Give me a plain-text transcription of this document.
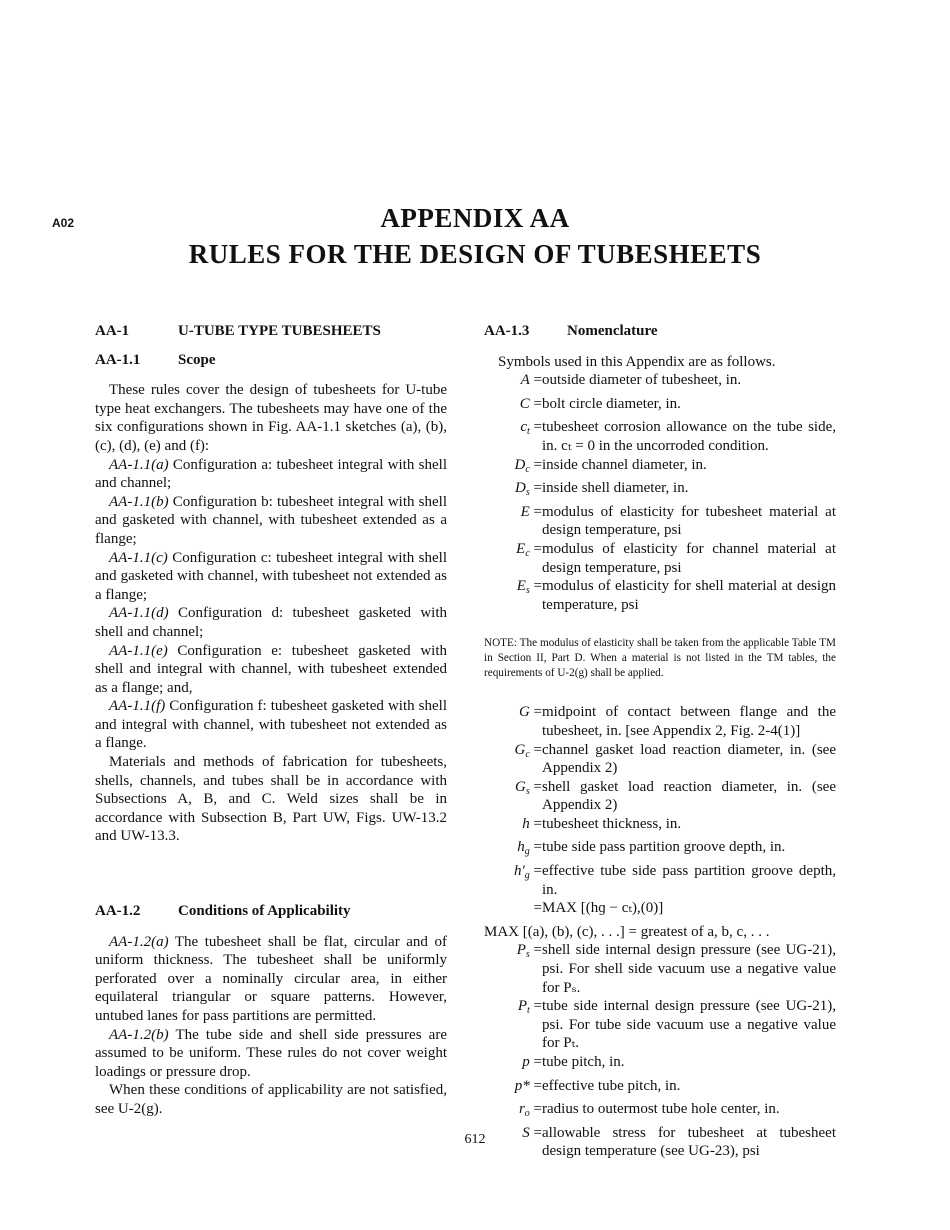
A02	APPENDIX AA
RULES FOR THE DESIGN OF TUBESHEETS
AA-1	U-TUBE TYPE TUBESHEETS
AA-1.1	Scope

These rules cover the design of tubesheets for U-tube type heat exchangers. The tubesheets may have one of the six configurations shown in Fig. AA-1.1 sketches (a), (b), (c), (d), (e) and (f):

AA-1.1(a) Configuration a: tubesheet integral with shell and channel;

AA-1.1(b) Configuration b: tubesheet integral with shell and gasketed with channel, with tubesheet extended as a flange;

AA-1.1(c) Configuration c: tubesheet integral with shell and gasketed with channel, with tubesheet not extended as a flange;

AA-1.1(d) Configuration d: tubesheet gasketed with shell and channel;

AA-1.1(e) Configuration e: tubesheet gasketed with shell and integral with channel, with tubesheet extended as a flange; and,

AA-1.1(f) Configuration f: tubesheet gasketed with shell and integral with channel, with tubesheet not extended as a flange.

Materials and methods of fabrication for tubesheets, shells, channels, and tubes shall be in accordance with Subsections A, B, and C. Weld sizes shall be in accordance with Subsection B, Part UW, Figs. UW-13.2 and UW-13.3.

AA-1.2	Conditions of Applicability

AA-1.2(a) The tubesheet shall be flat, circular and of uniform thickness. The tubesheet shall be uniformly perforated over a nominally circular area, in either equilateral triangular or square patterns. However, untubed lanes for pass partitions are permitted.

AA-1.2(b) The tube side and shell side pressures are assumed to be uniform. These rules do not cover weight loadings or pressure drop.

When these conditions of applicability are not satisfied, see U-2(g).

AA-1.3	Nomenclature

Symbols used in this Appendix are as follows.

A = outside diameter of tubesheet, in.
C = bolt circle diameter, in.
$c_t$ = tubesheet corrosion allowance on the tube side, in. cₜ = 0 in the uncorroded condition.
$D_c$ = inside channel diameter, in.
$D_s$ = inside shell diameter, in.
E = modulus of elasticity for tubesheet material at design temperature, psi
$E_c$ = modulus of elasticity for channel material at design temperature, psi
$E_s$ = modulus of elasticity for shell material at design temperature, psi

NOTE: The modulus of elasticity shall be taken from the applicable Table TM in Section II, Part D. When a material is not listed in the TM tables, the requirements of U-2(g) shall be applied.

G = midpoint of contact between flange and the tubesheet, in. [see Appendix 2, Fig. 2-4(1)]
$G_c$ = channel gasket load reaction diameter, in. (see Appendix 2)
$G_s$ = shell gasket load reaction diameter, in. (see Appendix 2)
h = tubesheet thickness, in.
$h_g$ = tube side pass partition groove depth, in.
$h'_g$ = effective tube side pass partition groove depth, in.
= MAX [(hɡ − cₜ),(0)]

MAX [(a), (b), (c), . . .] = greatest of a, b, c, . . .

$P_s$ = shell side internal design pressure (see UG-21), psi. For shell side vacuum use a negative value for Pₛ.
$P_t$ = tube side internal design pressure (see UG-21), psi. For tube side vacuum use a negative value for Pₜ.
p = tube pitch, in.
p* = effective tube pitch, in.
$r_o$ = radius to outermost tube hole center, in.
S = allowable stress for tubesheet at tubesheet design temperature (see UG-23), psi
612
